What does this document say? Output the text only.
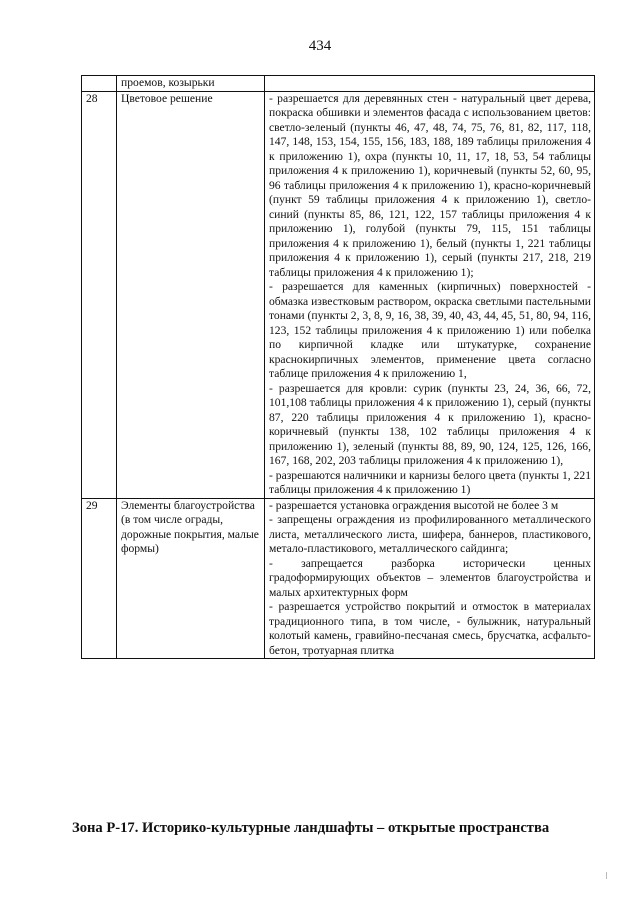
434
	проемов, козырьки	
28	Цветовое решение	- разрешается для деревянных стен - натуральный цвет дерева, покраска обшивки и элементов фасада с использованием цветов: светло-зеленый (пункты 46, 47, 48, 74, 75, 76, 81, 82, 117, 118, 147, 148, 153, 154, 155, 156, 183, 188, 189 таблицы приложения 4 к приложению 1), охра (пункты 10, 11, 17, 18, 53, 54 таблицы приложения 4 к приложению 1), коричневый (пункты 52, 60, 95, 96 таблицы приложения 4 к приложению 1), красно-коричневый (пункт 59 таблицы приложения 4 к приложению 1), светло-синий (пункты 85, 86, 121, 122, 157 таблицы приложения 4 к приложению 1), голубой (пункты 79, 115, 151 таблицы приложения 4 к приложению 1), белый (пункты 1, 221 таблицы приложения 4 к приложению 1), серый (пункты 217, 218, 219 таблицы приложения 4 к приложению 1);

- разрешается для каменных (кирпичных) поверхностей - обмазка известковым раствором, окраска светлыми пастельными тонами (пункты 2, 3, 8, 9, 16, 38, 39, 40, 43, 44, 45, 51, 80, 94, 116, 123, 152 таблицы приложения 4 к приложению 1) или побелка по кирпичной кладке или штукатурке, сохранение краснокирпичных элементов, применение цвета согласно таблице приложения 4 к приложению 1,

- разрешается для кровли: сурик (пункты 23, 24, 36, 66, 72, 101,108 таблицы приложения 4 к приложению 1), серый (пункты 87, 220 таблицы приложения 4 к приложению 1), красно-коричневый (пункты 138, 102 таблицы приложения 4 к приложению 1), зеленый (пункты 88, 89, 90, 124, 125, 126, 166, 167, 168, 202, 203 таблицы приложения 4 к приложению 1),

- разрешаются наличники и карнизы белого цвета (пункты 1, 221 таблицы приложения 4 к приложению 1)

29	Элементы благоустройства (в том числе ограды, дорожные покрытия, малые формы)	- разрешается установка ограждения высотой не более 3 м

- запрещены ограждения из профилированного металлического листа, металлического листа, шифера, баннеров, пластикового, метало-пластикового, металлического сайдинга;

- запрещается разборка исторически ценных градоформирующих объектов – элементов благоустройства и малых архитектурных форм

- разрешается устройство покрытий и отмосток в материалах традиционного типа, в том числе, - булыжник, натуральный колотый камень, гравийно-песчаная смесь, брусчатка, асфальто-бетон, тротуарная плитка

Зона Р-17. Историко-культурные ландшафты – открытые пространства
